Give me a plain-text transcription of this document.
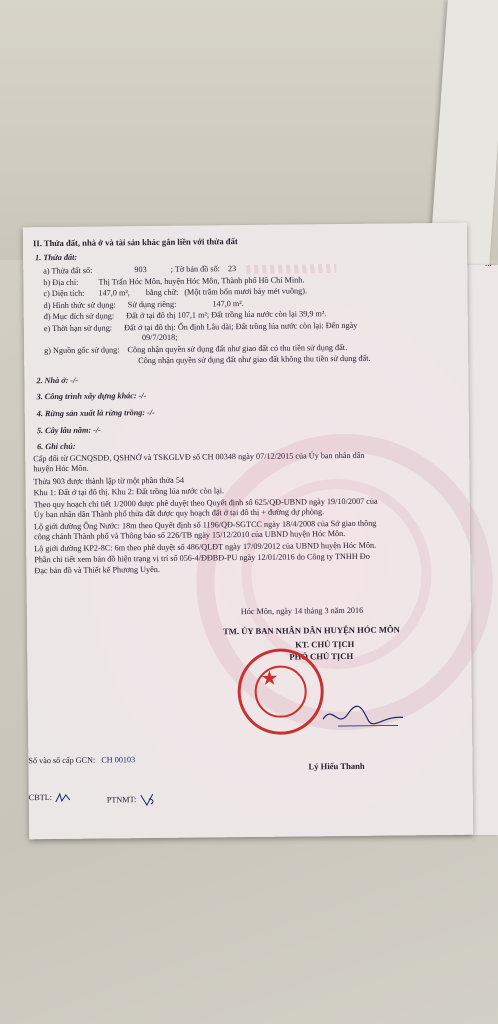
...
II. Thửa đất, nhà ở và tài sản khác gắn liền với thửa đất
1. Thửa đất:
a) Thửa đất số:	903	; Tờ bản đồ số: 23
b) Địa chỉ: Thị Trấn Hóc Môn, huyện Hóc Môn, Thành phố Hồ Chí Minh.
c) Diện tích: 147,0 m², bằng chữ: (Một trăm bốn mươi bảy mét vuông).
d) Hình thức sử dụng: Sử dụng riêng:	147,0 m².
đ) Mục đích sử dụng: Đất ở tại đô thị 107,1 m²; Đất trồng lúa nước còn lại 39,9 m².
e) Thời hạn sử dụng: Đất ở tại đô thị: Ổn định Lâu dài; Đất trồng lúa nước còn lại: Đến ngày
09/7/2018;
g) Nguồn gốc sử dụng: Công nhận quyền sử dụng đất như giao đất có thu tiền sử dụng đất.
Công nhận quyền sử dụng đất như giao đất không thu tiền sử dụng đất.
2. Nhà ở: -/-
3. Công trình xây dựng khác: -/-
4. Rừng sản xuất là rừng trồng: -/-
5. Cây lâu năm: -/-
6. Ghi chú:
Cấp đổi từ GCNQSDĐ, QSHNỞ và TSKGLVĐ số CH 00348 ngày 07/12/2015 của Ủy ban nhân dân
huyện Hóc Môn.
Thửa 903 được thành lập từ một phần thửa 54
Khu 1: Đất ở tại đô thị. Khu 2: Đất trồng lúa nước còn lại.
Theo quy hoạch chi tiết 1/2000 được phê duyệt theo Quyết định số 625/QĐ-UBND ngày 19/10/2007 của
Ủy ban nhân dân Thành phố thửa đất được quy hoạch đất ở tại đô thị + đường dự phòng.
Lộ giới đường Ông Nước: 18m theo Quyết định số 1196/QĐ-SGTCC ngày 18/4/2008 của Sở giao thông
công chánh Thành phố và Thông báo số 226/TB ngày 15/12/2010 của UBND huyện Hóc Môn.
Lộ giới đường KP2-8C: 6m theo phê duyệt số 486/QLĐT ngày 17/09/2012 của UBND huyện Hóc Môn.
Phần chi tiết xem bản đồ hiện trạng vị trí số 056-4/ĐĐBĐ-PU ngày 12/01/2016 do Công ty TNHH Đo
Đạc bản đồ và Thiết kế Phương Uyên.
Hóc Môn, ngày 14 tháng 3 năm 2016
TM. ỦY BAN NHÂN DÂN HUYỆN HÓC MÔN
KT. CHỦ TỊCH
PHÓ CHỦ TỊCH
★
Lý Hiếu Thanh
Số vào sổ cấp GCN: CH 00103
CBTL:	PTNMT:
